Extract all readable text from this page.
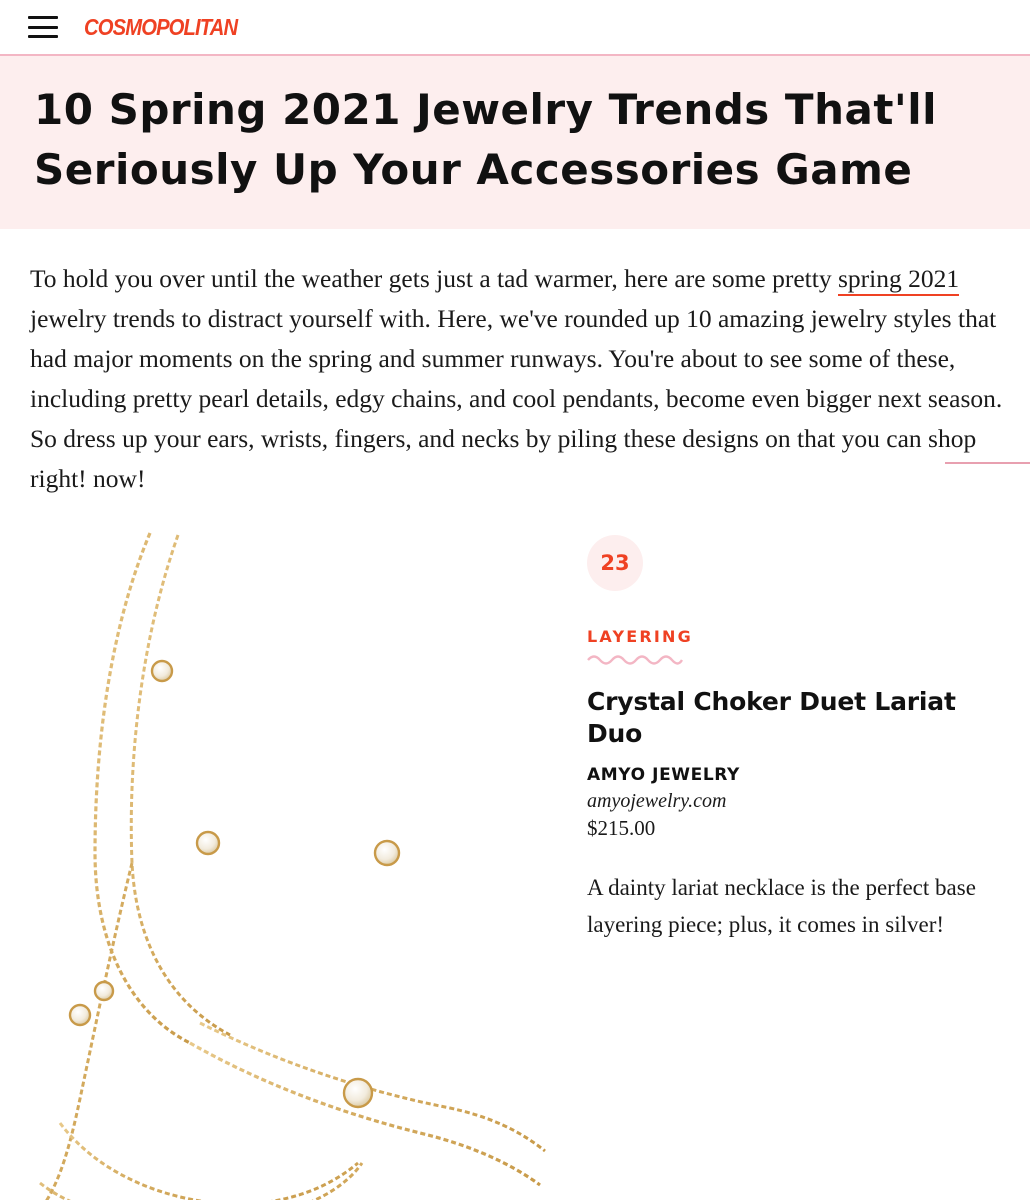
COSMOPOLITAN
10 Spring 2021 Jewelry Trends That'll Seriously Up Your Accessories Game
To hold you over until the weather gets just a tad warmer, here are some pretty spring 2021 jewelry trends to distract yourself with. Here, we've rounded up 10 amazing jewelry styles that had major moments on the spring and summer runways. You're about to see some of these, including pretty pearl details, edgy chains, and cool pendants, become even bigger next season. So dress up your ears, wrists, fingers, and necks by piling these designs on that you can shop right! now!
23
LAYERING
Crystal Choker Duet Lariat Duo
AMYO JEWELRY
amyojewelry.com
$215.00
A dainty lariat necklace is the perfect base layering piece; plus, it comes in silver!
